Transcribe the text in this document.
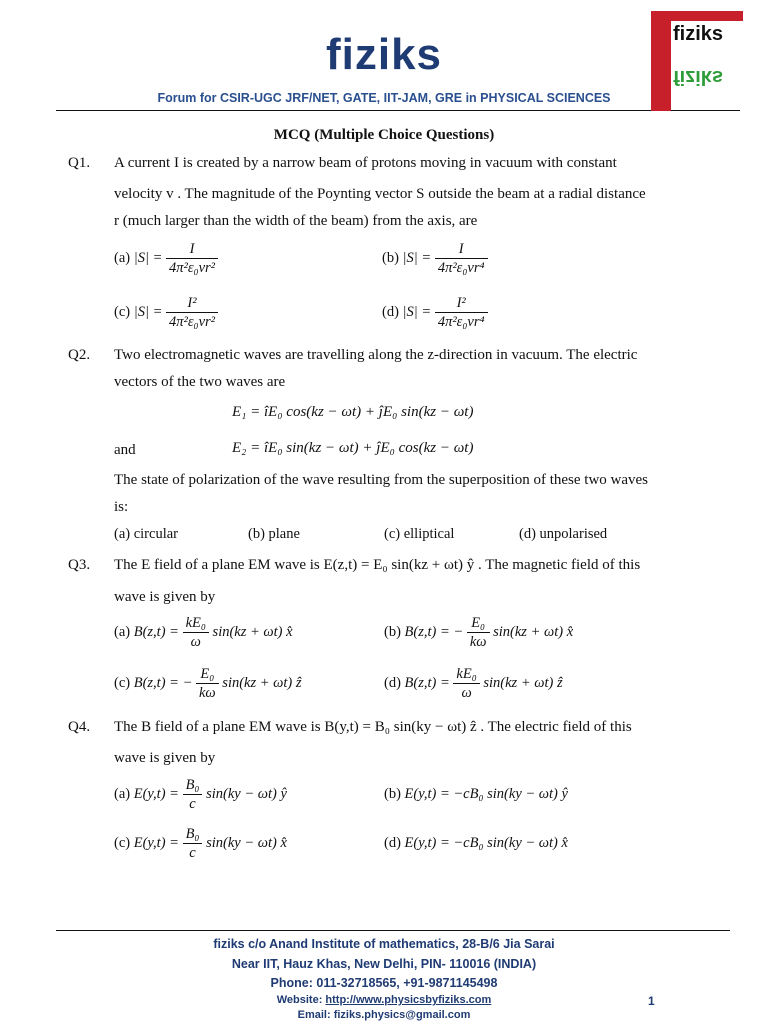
fiziks
Forum for CSIR-UGC JRF/NET, GATE, IIT-JAM, GRE in PHYSICAL SCIENCES
fiziks
fiziks
MCQ (Multiple Choice Questions)
Q1. A current I is created by a narrow beam of protons moving in vacuum with constant
velocity v . The magnitude of the Poynting vector S outside the beam at a radial distance
r (much larger than the width of the beam) from the axis, are
(a) $|S| = \frac{I}{\text{4π²ε₀vr²}}$	(b) $|S| = \frac{I}{\text{4π²ε₀vr⁴}}$
(c) $|S| = \frac{\text{I²}}{\text{4π²ε₀vr²}}$	(d) $|S| = \frac{\text{I²}}{\text{4π²ε₀vr⁴}}$
Q2. Two electromagnetic waves are travelling along the z-direction in vacuum. The electric
vectors of the two waves are
E₁ = îE₀ cos(kz − ωt) + ĵE₀ sin(kz − ωt)
and	E₂ = îE₀ sin(kz − ωt) + ĵE₀ cos(kz − ωt)
The state of polarization of the wave resulting from the superposition of these two waves
is:
(a) circular	(b) plane	(c) elliptical	(d) unpolarised
Q3. The E field of a plane EM wave is E(z,t) = E₀ sin(kz + ωt) ŷ . The magnetic field of this
wave is given by
(a) $B(z,t) = \frac{\text{kE₀}}{\omega} \sin(kz + \omega t)$ x̂	(b) B(z,t) = − $\frac{\text{E₀}}{k\omega} \sin(kz + \omega t)$ x̂
(c) B(z,t) = − $\frac{\text{E₀}}{k\omega} \sin(kz + \omega t)$ ẑ	(d) $B(z,t) = \frac{\text{kE₀}}{\omega} \sin(kz + \omega t)$ ẑ
Q4. The B field of a plane EM wave is B(y,t) = B₀ sin(ky − ωt) ẑ . The electric field of this
wave is given by
(a) $E(y,t) = \frac{\text{B₀}}{c} \sin(ky - \omega t)$ ŷ	(b) E(y,t) = −cB₀ sin(ky − ωt) ŷ
(c) $E(y,t) = \frac{\text{B₀}}{c} \sin(ky - \omega t)$ x̂	(d) E(y,t) = −cB₀ sin(ky − ωt) x̂
fiziks c/o Anand Institute of mathematics, 28-B/6 Jia Sarai
Near IIT, Hauz Khas, New Delhi, PIN- 110016 (INDIA)
Phone: 011-32718565, +91-9871145498
Website: http://www.physicsbyfiziks.com
Email: fiziks.physics@gmail.com
1
